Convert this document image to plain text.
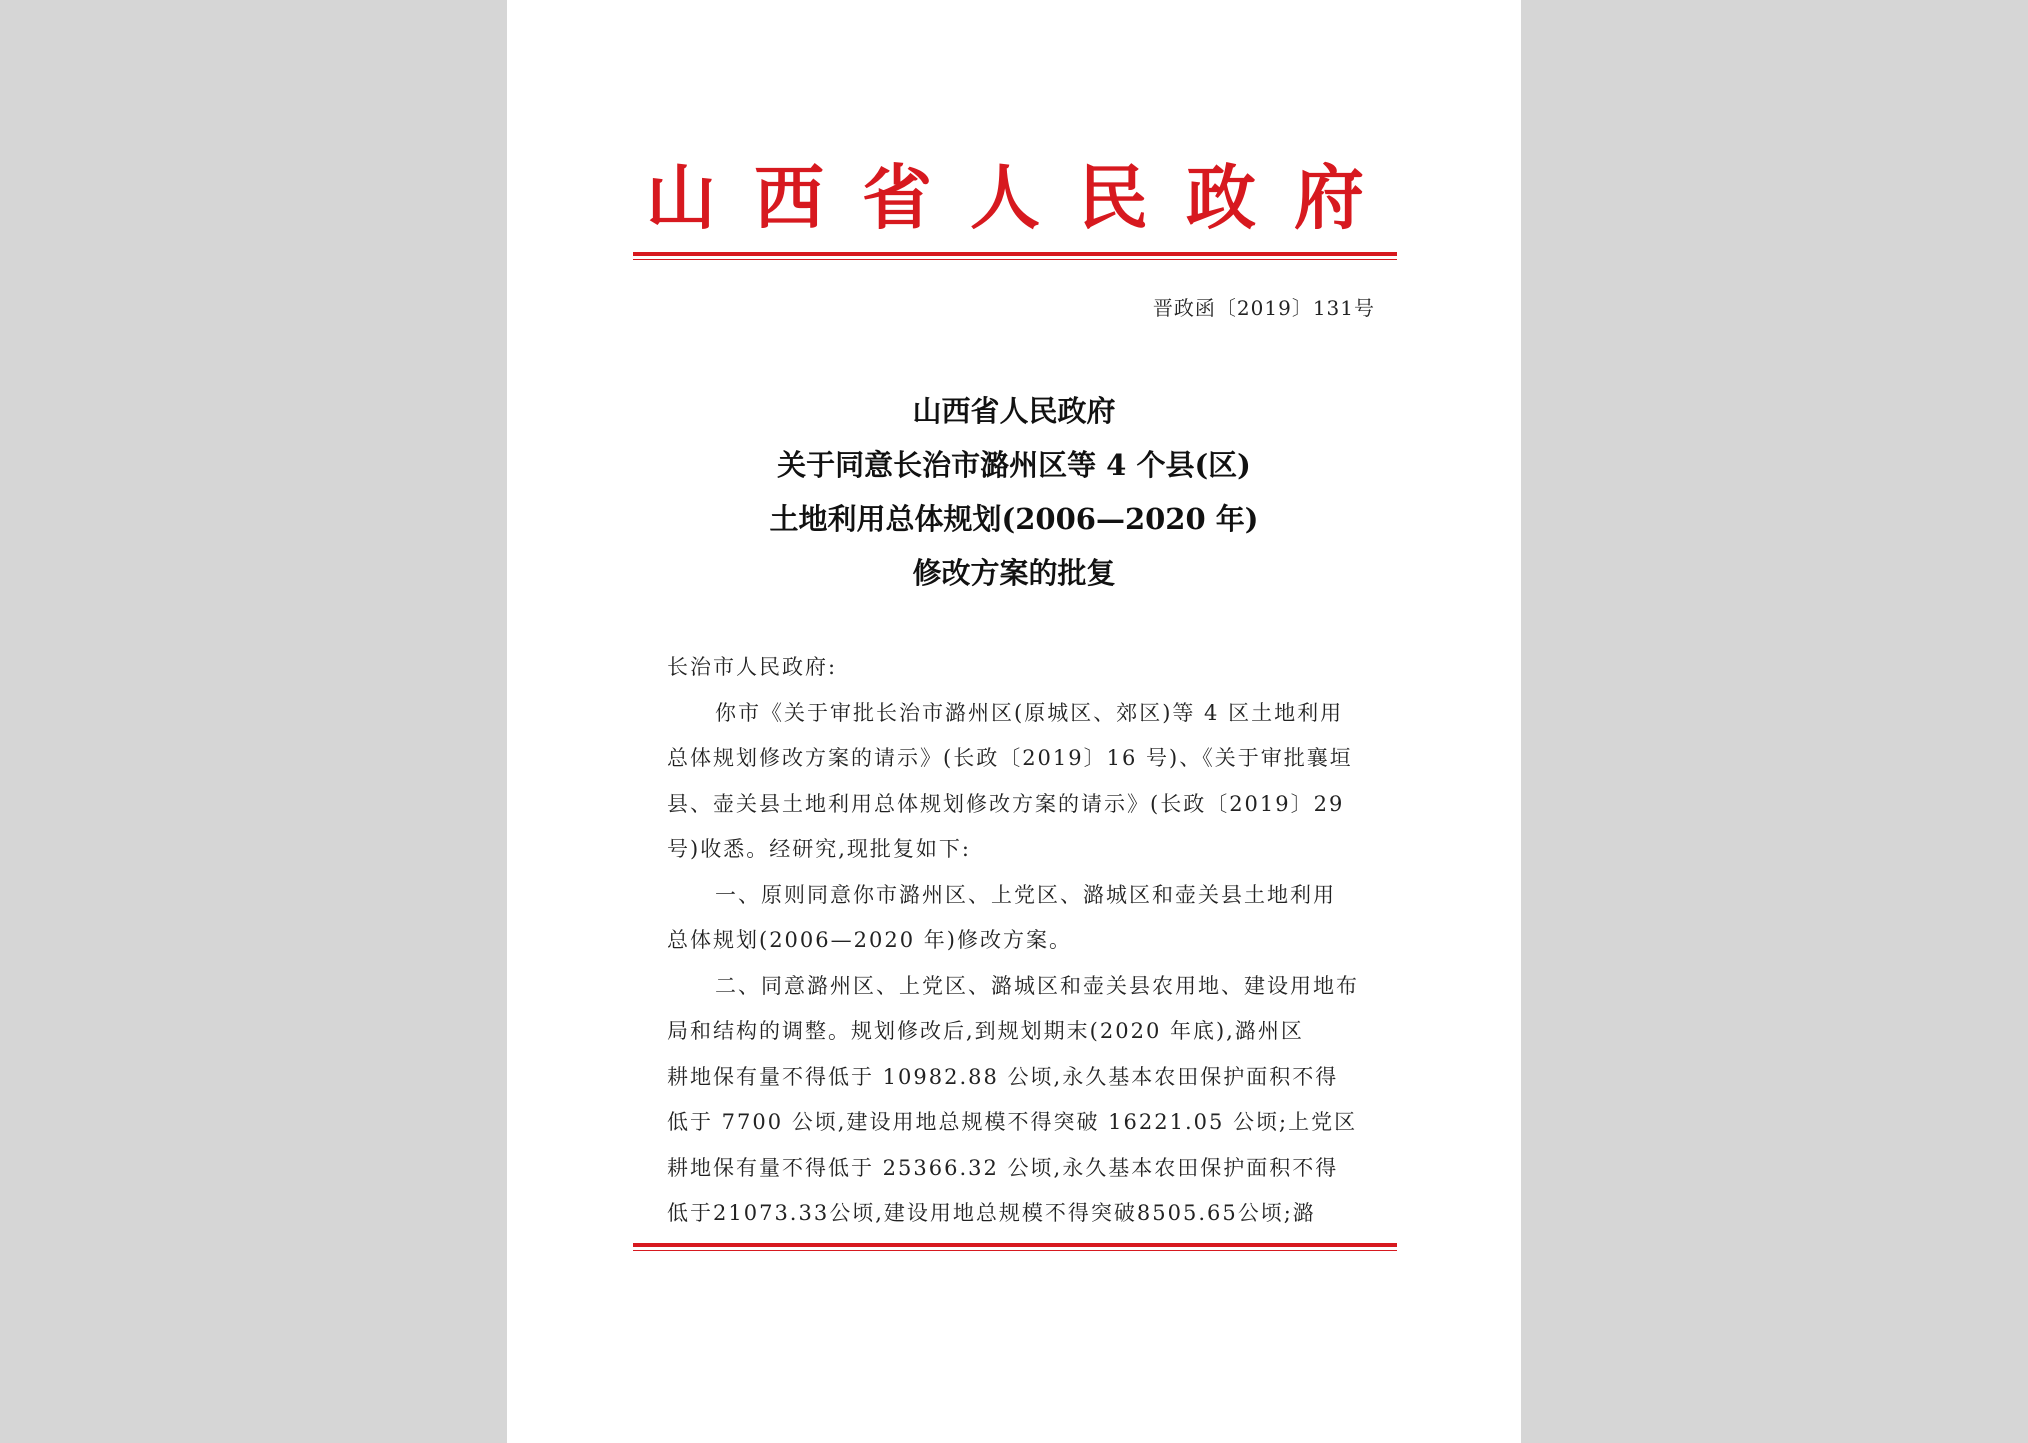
山西省人民政府
晋政函〔2019〕131号
山西省人民政府
关于同意长治市潞州区等 4 个县(区)
土地利用总体规划(2006—2020 年)
修改方案的批复
长治市人民政府:
你市《关于审批长治市潞州区(原城区、郊区)等 4 区土地利用
总体规划修改方案的请示》(长政〔2019〕16 号)、《关于审批襄垣
县、壶关县土地利用总体规划修改方案的请示》(长政〔2019〕29
号)收悉。经研究,现批复如下:
一、原则同意你市潞州区、上党区、潞城区和壶关县土地利用
总体规划(2006—2020 年)修改方案。
二、同意潞州区、上党区、潞城区和壶关县农用地、建设用地布
局和结构的调整。规划修改后,到规划期末(2020 年底),潞州区
耕地保有量不得低于 10982.88 公顷,永久基本农田保护面积不得
低于 7700 公顷,建设用地总规模不得突破 16221.05 公顷;上党区
耕地保有量不得低于 25366.32 公顷,永久基本农田保护面积不得
低于21073.33公顷,建设用地总规模不得突破8505.65公顷;潞
